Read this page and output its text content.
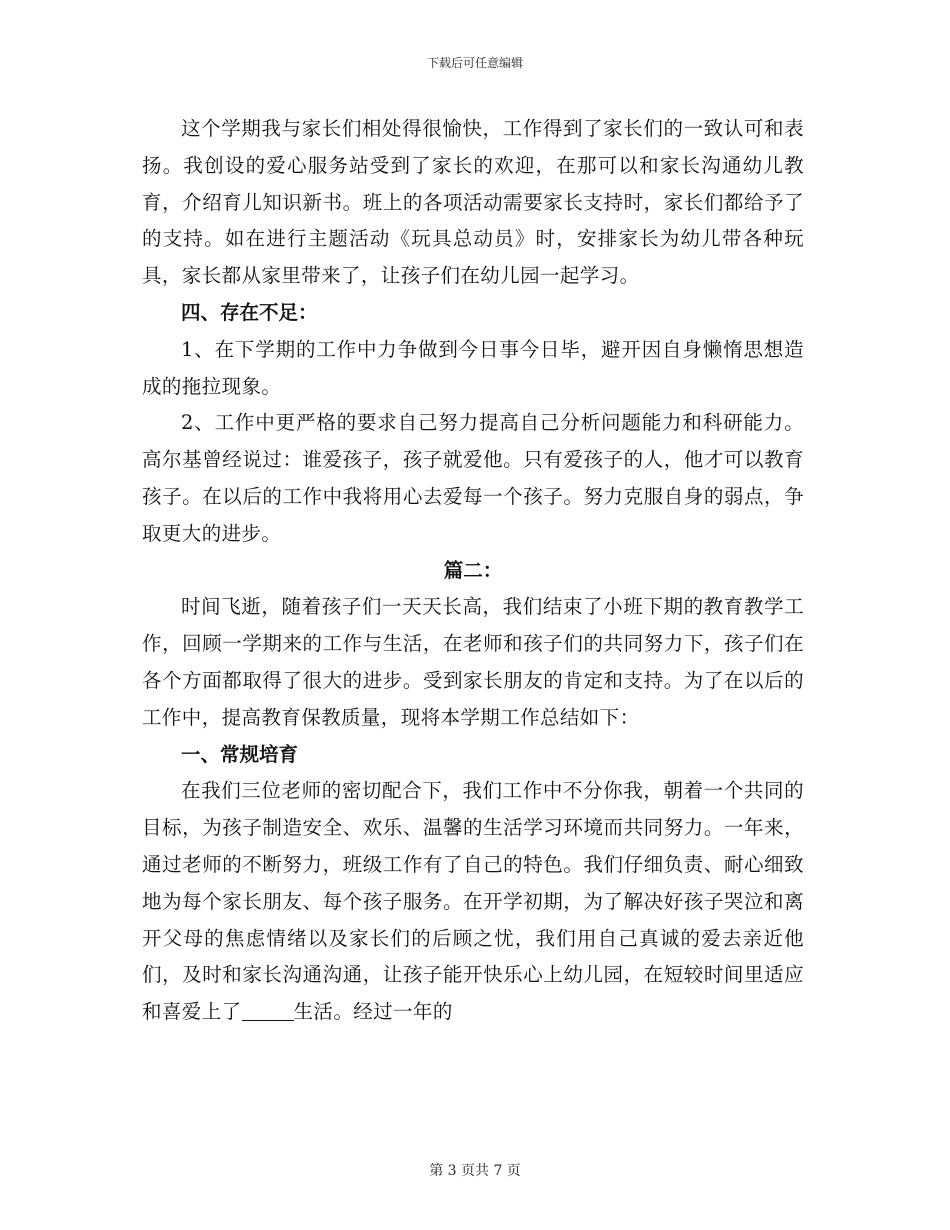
下载后可任意编辑

这个学期我与家长们相处得很愉快，工作得到了家长们的一致认可和表扬。我创设的爱心服务站受到了家长的欢迎，在那可以和家长沟通幼儿教育，介绍育儿知识新书。班上的各项活动需要家长支持时，家长们都给予了的支持。如在进行主题活动《玩具总动员》时，安排家长为幼儿带各种玩具，家长都从家里带来了，让孩子们在幼儿园一起学习。

四、存在不足：

1、在下学期的工作中力争做到今日事今日毕，避开因自身懒惰思想造成的拖拉现象。

2、工作中更严格的要求自己努力提高自己分析问题能力和科研能力。高尔基曾经说过：谁爱孩子，孩子就爱他。只有爱孩子的人，他才可以教育孩子。在以后的工作中我将用心去爱每一个孩子。努力克服自身的弱点，争取更大的进步。

篇二：

时间飞逝，随着孩子们一天天长高，我们结束了小班下期的教育教学工作，回顾一学期来的工作与生活，在老师和孩子们的共同努力下，孩子们在各个方面都取得了很大的进步。受到家长朋友的肯定和支持。为了在以后的工作中，提高教育保教质量，现将本学期工作总结如下：

一、常规培育

在我们三位老师的密切配合下，我们工作中不分你我，朝着一个共同的目标，为孩子制造安全、欢乐、温馨的生活学习环境而共同努力。一年来，通过老师的不断努力，班级工作有了自己的特色。我们仔细负责、耐心细致地为每个家长朋友、每个孩子服务。在开学初期，为了解决好孩子哭泣和离开父母的焦虑情绪以及家长们的后顾之忧，我们用自己真诚的爱去亲近他们，及时和家长沟通沟通，让孩子能开快乐心上幼儿园，在短较时间里适应和喜爱上了	生活。经过一年的

第 3 页共 7 页
